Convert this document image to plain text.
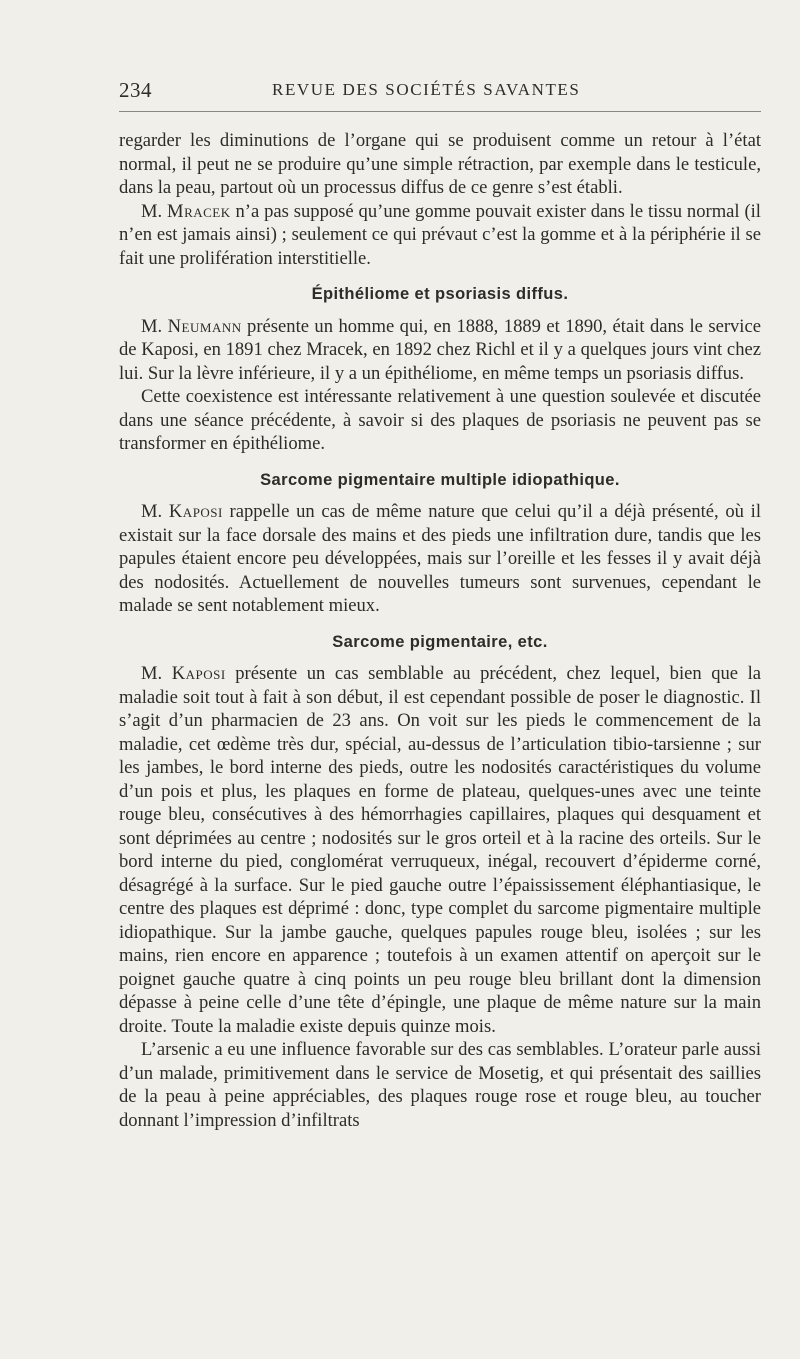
234	REVUE DES SOCIÉTÉS SAVANTES

regarder les diminutions de l’organe qui se produisent comme un retour à l’état normal, il peut ne se produire qu’une simple rétraction, par exemple dans le testicule, dans la peau, partout où un processus diffus de ce genre s’est établi.

M. Mracek n’a pas supposé qu’une gomme pouvait exister dans le tissu normal (il n’en est jamais ainsi) ; seulement ce qui prévaut c’est la gomme et à la périphérie il se fait une prolifération interstitielle.

Épithéliome et psoriasis diffus.

M. Neumann présente un homme qui, en 1888, 1889 et 1890, était dans le service de Kaposi, en 1891 chez Mracek, en 1892 chez Richl et il y a quelques jours vint chez lui. Sur la lèvre inférieure, il y a un épithéliome, en même temps un psoriasis diffus.

Cette coexistence est intéressante relativement à une question soulevée et discutée dans une séance précédente, à savoir si des plaques de psoriasis ne peuvent pas se transformer en épithéliome.

Sarcome pigmentaire multiple idiopathique.

M. Kaposi rappelle un cas de même nature que celui qu’il a déjà présenté, où il existait sur la face dorsale des mains et des pieds une infiltration dure, tandis que les papules étaient encore peu développées, mais sur l’oreille et les fesses il y avait déjà des nodosités. Actuellement de nouvelles tumeurs sont survenues, cependant le malade se sent notablement mieux.

Sarcome pigmentaire, etc.

M. Kaposi présente un cas semblable au précédent, chez lequel, bien que la maladie soit tout à fait à son début, il est cependant possible de poser le diagnostic. Il s’agit d’un pharmacien de 23 ans. On voit sur les pieds le commencement de la maladie, cet œdème très dur, spécial, au-dessus de l’articulation tibio-tarsienne ; sur les jambes, le bord interne des pieds, outre les nodosités caractéristiques du volume d’un pois et plus, les plaques en forme de plateau, quelques-unes avec une teinte rouge bleu, consécutives à des hémorrhagies capillaires, plaques qui desquament et sont déprimées au centre ; nodosités sur le gros orteil et à la racine des orteils. Sur le bord interne du pied, conglomérat verruqueux, inégal, recouvert d’épiderme corné, désagrégé à la surface. Sur le pied gauche outre l’épaississement éléphantiasique, le centre des plaques est déprimé : donc, type complet du sarcome pigmentaire multiple idiopathique. Sur la jambe gauche, quelques papules rouge bleu, isolées ; sur les mains, rien encore en apparence ; toutefois à un examen attentif on aperçoit sur le poignet gauche quatre à cinq points un peu rouge bleu brillant dont la dimension dépasse à peine celle d’une tête d’épingle, une plaque de même nature sur la main droite. Toute la maladie existe depuis quinze mois.

L’arsenic a eu une influence favorable sur des cas semblables. L’orateur parle aussi d’un malade, primitivement dans le service de Mosetig, et qui présentait des saillies de la peau à peine appréciables, des plaques rouge rose et rouge bleu, au toucher donnant l’impression d’infiltrats
